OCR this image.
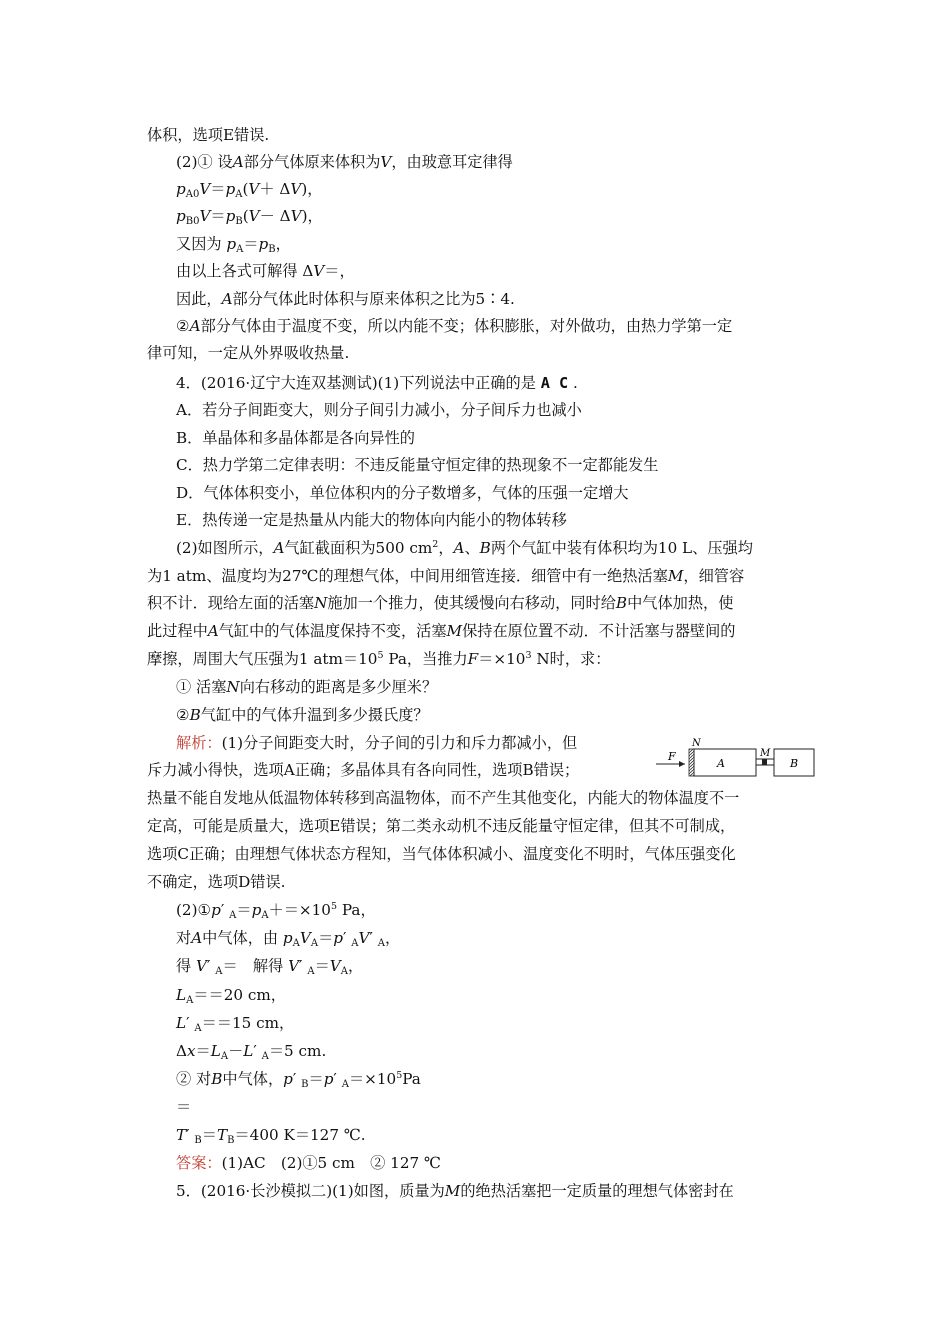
体积，选项E错误.
(2)① 设A部分气体原来体积为V，由玻意耳定律得
$p_{A0}V=p_A(V+ \Delta V)$，
$p_{B0}V=p_B(V- \Delta V)$，
又因为 $p_A=p_B$，
由以上各式可解得 ΔV＝，
因此，A部分气体此时体积与原来体积之比为5∶4.
②A部分气体由于温度不变，所以内能不变；体积膨胀，对外做功，由热力学第一定
律可知，一定从外界吸收热量.
4．(2016·辽宁大连双基测试)(1)下列说法中正确的是 A C .
A．若分子间距变大，则分子间引力减小，分子间斥力也减小
B．单晶体和多晶体都是各向异性的
C．热力学第二定律表明：不违反能量守恒定律的热现象不一定都能发生
D．气体体积变小，单位体积内的分子数增多，气体的压强一定增大
E．热传递一定是热量从内能大的物体向内能小的物体转移
(2)如图所示，A气缸截面积为500 $cm^2$，A、B两个气缸中装有体积均为10 L、压强均
为1 atm、温度均为27℃的理想气体，中间用细管连接．细管中有一绝热活塞M，细管容
积不计．现给左面的活塞N施加一个推力，使其缓慢向右移动，同时给B中气体加热，使
此过程中A气缸中的气体温度保持不变，活塞M保持在原位置不动．不计活塞与器壁间的
摩擦，周围大气压强为1 $atm=10^5$ Pa，当推力$F=\times 10^3$ N时，求：
① 活塞N向右移动的距离是多少厘米？
②B气缸中的气体升温到多少摄氏度？
解析：(1)分子间距变大时，分子间的引力和斥力都减小，但
斥力减小得快，选项A正确；多晶体具有各向同性，选项B错误；
热量不能自发地从低温物体转移到高温物体，而不产生其他变化，内能大的物体温度不一
定高，可能是质量大，选项E错误；第二类永动机不违反能量守恒定律，但其不可制成，
选项C正确；由理想气体状态方程知，当气体体积减小、温度变化不明时，气体压强变化
不确定，选项D错误.
(2)①p′ $_A=p_A+=\times 10^5$ Pa，
对A中气体，由 $p_AV_A=p'$ $_A$V′ $_A$，
得 V′ $_A$＝　解得 V′ $_A=V_A$，
$L_A==20$ cm，
L′ $_A$＝＝15 cm，
$\Delta x=L_A-L'$ $_A$＝5 cm.
② 对B中气体，p′ $_B$＝p′ $_A=\times 10^5Pa$
＝
T′ $_B=T_B=400$ K＝127 ℃.
答案：(1)AC　(2)①5 cm　② 127 ℃
5．(2016·长沙模拟二)(1)如图，质量为M的绝热活塞把一定质量的理想气体密封在
F
N
A
M
B
